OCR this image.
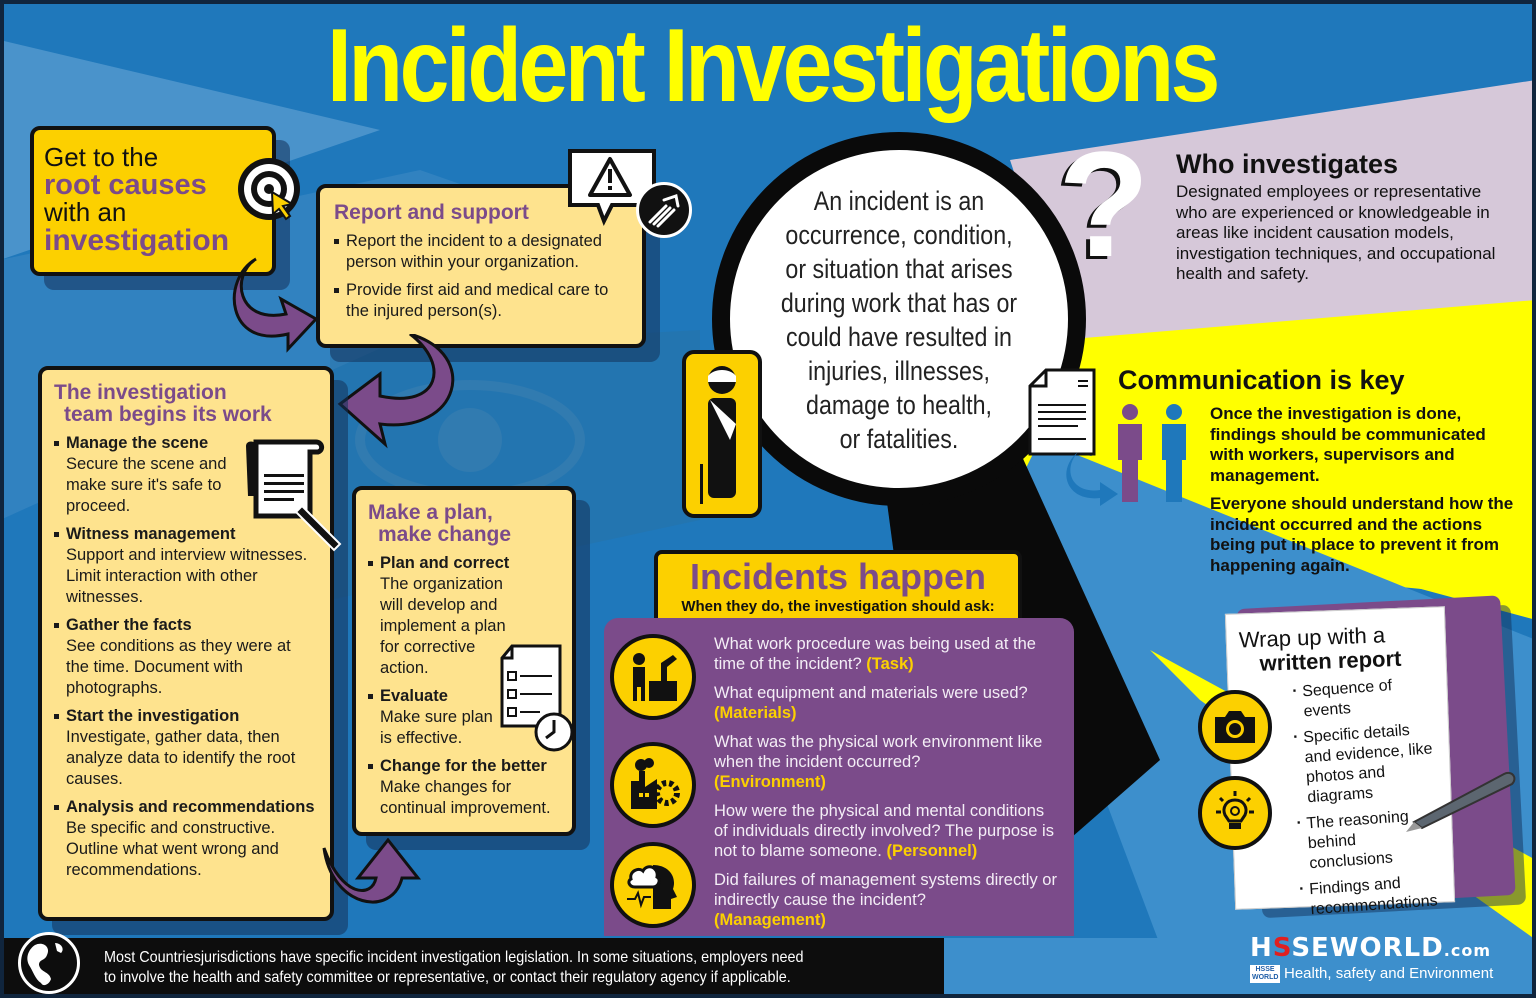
Incident Investigations
Get to the
root causes
with an
investigation
Report and support
Report the incident to a designated person within your organization.
Provide first aid and medical care to the injured person(s).
The investigation
team begins its work
Manage the scene
Secure the scene and make sure it's safe to proceed.
Witness management
Support and interview witnesses. Limit interaction with other witnesses.
Gather the facts
See conditions as they were at the time. Document with photographs.
Start the investigation
Investigate, gather data, then analyze data to identify the root causes.
Analysis and recommendations
Be specific and constructive. Outline what went wrong and recommendations.
Make a plan,
make change
Plan and correct
The organization will develop and implement a plan for corrective action.
Evaluate
Make sure plan is effective.
Change for the better
Make changes for continual improvement.
An incident is an
occurrence, condition,
or situation that arises
during work that has or
could have resulted in
injuries, illnesses,
damage to health,
or fatalities.
? Who investigates
Designated employees or representative who are experienced or knowledgeable in areas like incident causation models, investigation techniques, and occupational health and safety.
Communication is key
Once the investigation is done, findings should be communicated with workers, supervisors and management.
Everyone should understand how the incident occurred and the actions being put in place to prevent it from happening again.
Incidents happen
When they do, the investigation should ask:
What work procedure was being used at the time of the incident? (Task)
What equipment and materials were used?
(Materials)
What was the physical work environment like when the incident occurred?
(Environment)
How were the physical and mental conditions of individuals directly involved? The purpose is not to blame someone. (Personnel)
Did failures of management systems directly or indirectly cause the incident?
(Management)
Wrap up with a
written report
· Sequence of events
· Specific details and evidence, like photos and diagrams
· The reasoning behind conclusions
· Findings and recommendations
Most Countriesjurisdictions have specific incident investigation legislation. In some situations, employers need
to involve the health and safety committee or representative, or contact their regulatory agency if applicable.
HSSEWORLD.com
HSSE WORLD Health, safety and Environment
